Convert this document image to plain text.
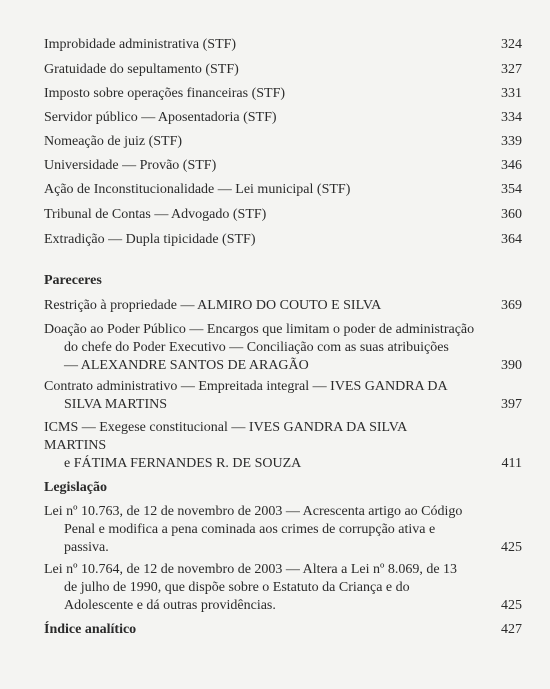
Improbidade administrativa (STF)	324
Gratuidade do sepultamento (STF)	327
Imposto sobre operações financeiras (STF)	331
Servidor público — Aposentadoria (STF)	334
Nomeação de juiz (STF)	339
Universidade — Provão (STF)	346
Ação de Inconstitucionalidade — Lei municipal (STF)	354
Tribunal de Contas — Advogado (STF)	360
Extradição — Dupla tipicidade (STF)	364
Pareceres
Restrição à propriedade — ALMIRO DO COUTO E SILVA	369
Doação ao Poder Público — Encargos que limitam o poder de administração
do chefe do Poder Executivo — Conciliação com as suas atribuições
— ALEXANDRE SANTOS DE ARAGÃO	390
Contrato administrativo — Empreitada integral — IVES GANDRA DA
SILVA MARTINS	397
ICMS — Exegese constitucional — IVES GANDRA DA SILVA MARTINS
e FÁTIMA FERNANDES R. DE SOUZA	411
Legislação
Lei nº 10.763, de 12 de novembro de 2003 — Acrescenta artigo ao Código
Penal e modifica a pena cominada aos crimes de corrupção ativa e
passiva.	425
Lei nº 10.764, de 12 de novembro de 2003 — Altera a Lei nº 8.069, de 13
de julho de 1990, que dispõe sobre o Estatuto da Criança e do
Adolescente e dá outras providências.	425
Índice analítico	427
